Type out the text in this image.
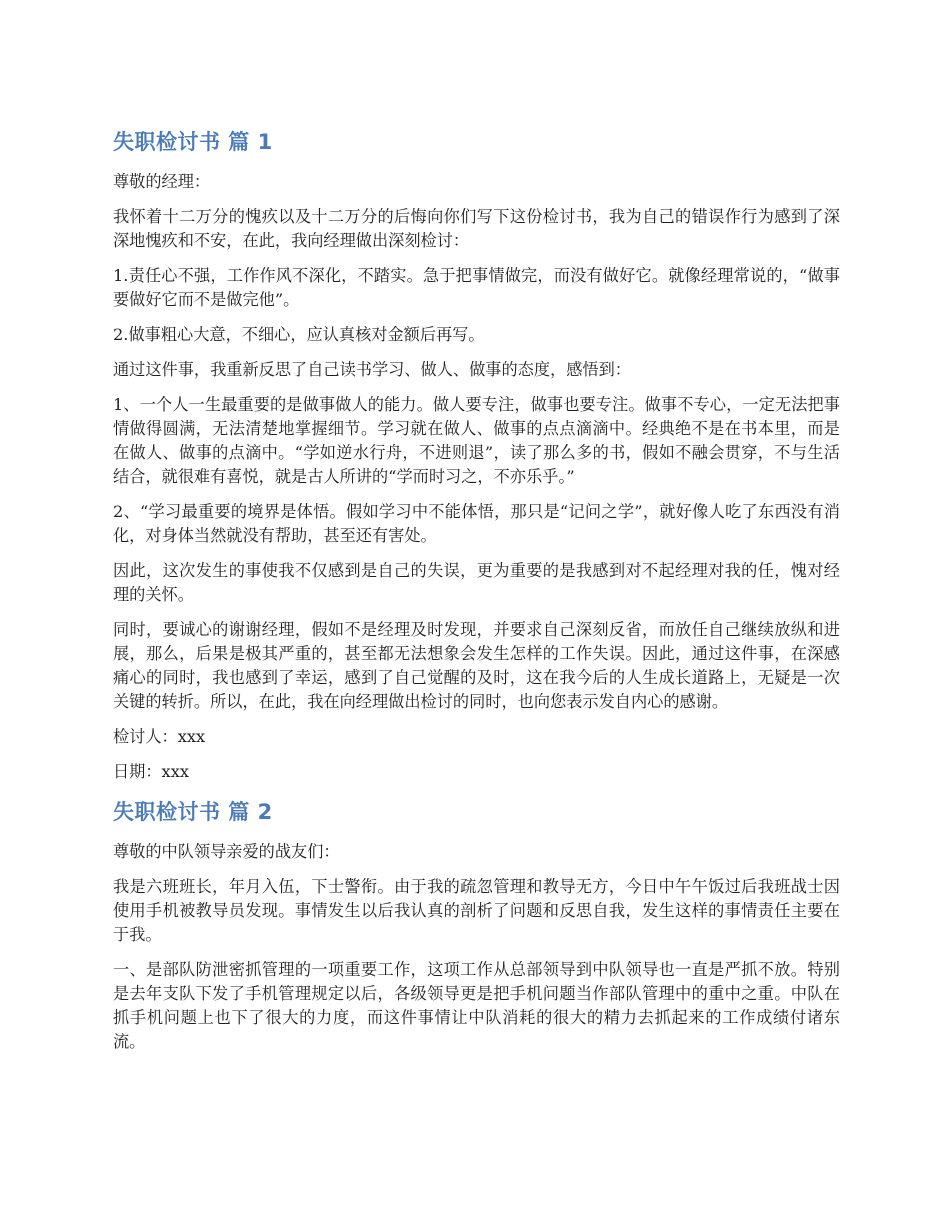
失职检讨书 篇 1

尊敬的经理：

我怀着十二万分的愧疚以及十二万分的后悔向你们写下这份检讨书，我为自己的错误作行为感到了深深地愧疚和不安，在此，我向经理做出深刻检讨：

1.责任心不强，工作作风不深化，不踏实。急于把事情做完，而没有做好它。就像经理常说的，“做事要做好它而不是做完他”。

2.做事粗心大意，不细心，应认真核对金额后再写。

通过这件事，我重新反思了自己读书学习、做人、做事的态度，感悟到：

1、一个人一生最重要的是做事做人的能力。做人要专注，做事也要专注。做事不专心，一定无法把事情做得圆满，无法清楚地掌握细节。学习就在做人、做事的点点滴滴中。经典绝不是在书本里，而是在做人、做事的点滴中。“学如逆水行舟，不进则退”，读了那么多的书，假如不融会贯穿，不与生活结合，就很难有喜悦，就是古人所讲的“学而时习之，不亦乐乎。”

2、“学习最重要的境界是体悟。假如学习中不能体悟，那只是“记问之学”，就好像人吃了东西没有消化，对身体当然就没有帮助，甚至还有害处。

因此，这次发生的事使我不仅感到是自己的失误，更为重要的是我感到对不起经理对我的任，愧对经理的关怀。

同时，要诚心的谢谢经理，假如不是经理及时发现，并要求自己深刻反省，而放任自己继续放纵和进展，那么，后果是极其严重的，甚至都无法想象会发生怎样的工作失误。因此，通过这件事，在深感痛心的同时，我也感到了幸运，感到了自己觉醒的及时，这在我今后的人生成长道路上，无疑是一次关键的转折。所以，在此，我在向经理做出检讨的同时，也向您表示发自内心的感谢。

检讨人：xxx

日期：xxx

失职检讨书 篇 2

尊敬的中队领导亲爱的战友们：

我是六班班长，年月入伍，下士警衔。由于我的疏忽管理和教导无方，今日中午午饭过后我班战士因使用手机被教导员发现。事情发生以后我认真的剖析了问题和反思自我，发生这样的事情责任主要在于我。

一、是部队防泄密抓管理的一项重要工作，这项工作从总部领导到中队领导也一直是严抓不放。特别是去年支队下发了手机管理规定以后，各级领导更是把手机问题当作部队管理中的重中之重。中队在抓手机问题上也下了很大的力度，而这件事情让中队消耗的很大的精力去抓起来的工作成绩付诸东流。
